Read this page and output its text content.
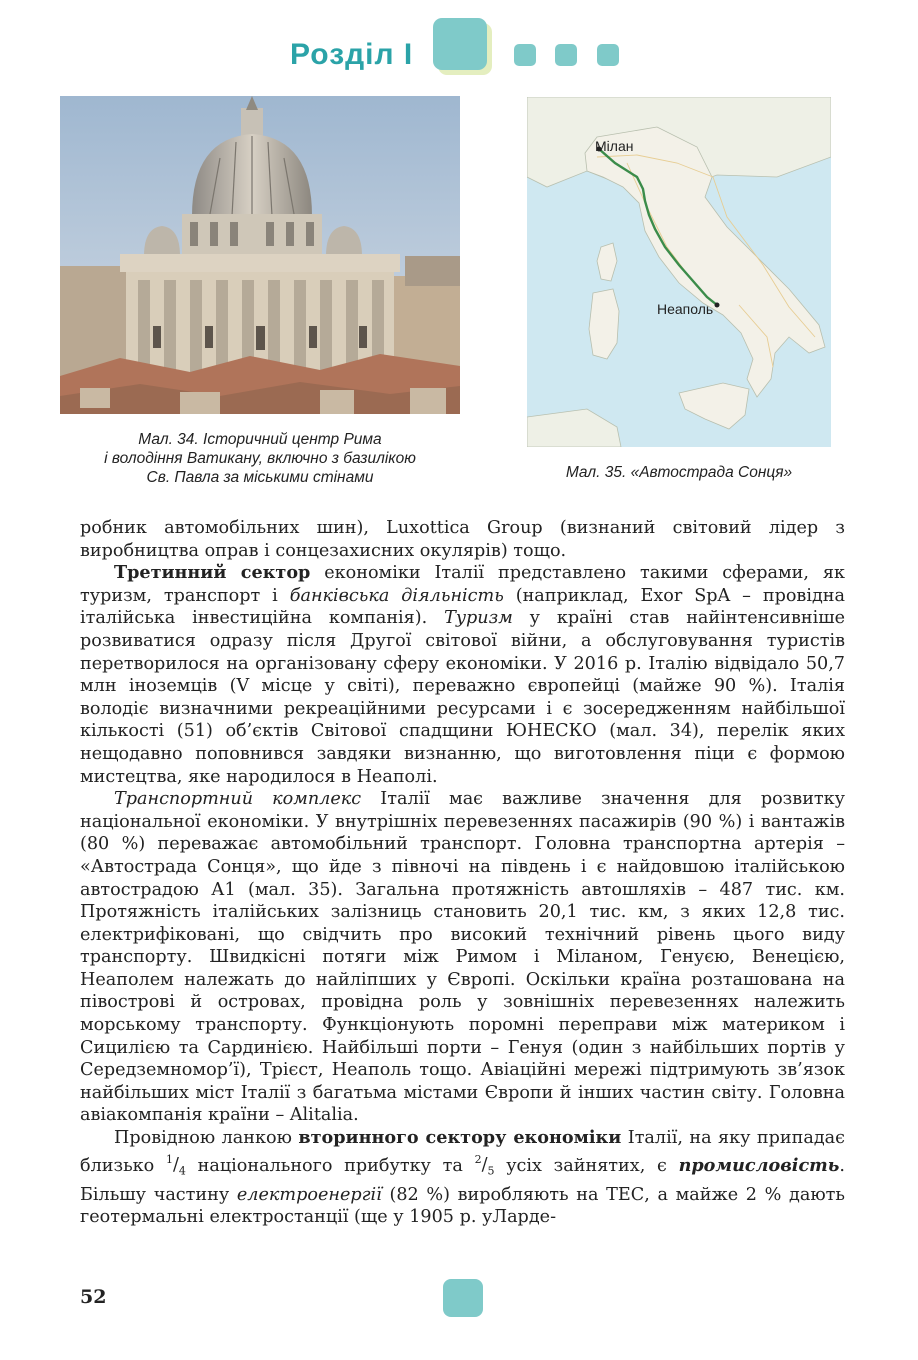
Розділ І
Мал. 34. Історичний центр Рима
і володіння Ватикану, включно з базилікою
Св. Павла за міськими стінами
Мілан
Неаполь
Мал. 35. «Автострада Сонця»

робник автомобільних шин), Luxottica Group (визнаний світовий лідер з виробництва оправ і сонцезахисних окулярів) тощо.

Третинний сектор економіки Італії представлено такими сферами, як туризм, транспорт і банківська діяльність (наприклад, Exor SpA – провідна італійська інвестиційна компанія). Туризм у країні став найінтенсивніше розвиватися одразу після Другої світової війни, а обслуговування туристів перетворилося на організовану сферу економіки. У 2016 р. Італію відвідало 50,7 млн іноземців (V місце у світі), переважно європейці (майже 90 %). Італія володіє визначними рекреаційними ресурсами і є зосередженням найбільшої кількості (51) об’єктів Світової спадщини ЮНЕСКО (мал. 34), перелік яких нещодавно поповнився завдяки визнанню, що виготовлення піци є формою мистецтва, яке народилося в Неаполі.

Транспортний комплекс Італії має важливе значення для розвитку національної економіки. У внутрішніх перевезеннях пасажирів (90 %) і вантажів (80 %) переважає автомобільний транспорт. Головна транспортна артерія – «Автострада Сонця», що йде з півночі на південь і є найдовшою італійською автострадою А1 (мал. 35). Загальна протяжність автошляхів – 487 тис. км. Протяжність італійських залізниць становить 20,1 тис. км, з яких 12,8 тис. електрифіковані, що свідчить про високий технічний рівень цього виду транспорту. Швидкісні потяги між Римом і Міланом, Генуєю, Венецією, Неаполем належать до найліпших у Європі. Оскільки країна розташована на півострові й островах, провідна роль у зовнішніх перевезеннях належить морському транспорту. Функціонують поромні переправи між материком і Сицилією та Сардинією. Найбільші порти – Генуя (один з найбільших портів у Середземномор’ї), Трієст, Неаполь тощо. Авіаційні мережі підтримують зв’язок найбільших міст Італії з багатьма містами Європи й інших частин світу. Головна авіакомпанія країни – Alitalia.

Провідною ланкою вторинного сектору економіки Італії, на яку припадає близько $^1/_4$ національного прибутку та $^2/_5$ усіх зайнятих, є промисловість. Більшу частину електроенергії (82 %) виробляють на ТЕС, а майже 2 % дають геотермальні електростанції (ще у 1905 р. уЛарде-

52
